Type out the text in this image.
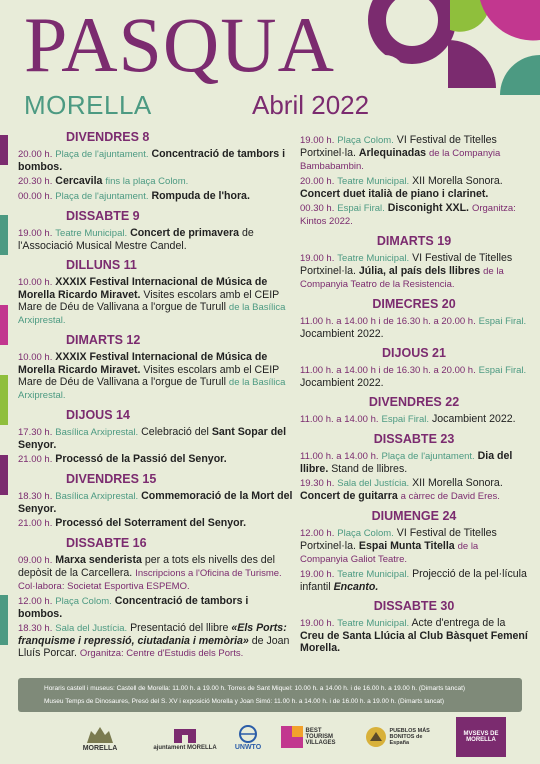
PASQUA
MORELLA	Abril 2022
DIVENDRES 8
20.00 h. Plaça de l'ajuntament. Concentració de tambors i bombos.
20.30 h. Cercavila fins la plaça Colom.
00.00 h. Plaça de l'ajuntament. Rompuda de l'hora.
DISSABTE 9
19.00 h. Teatre Municipal. Concert de primavera de l'Associació Musical Mestre Candel.
DILLUNS 11
10.00 h. XXXIX Festival Internacional de Música de Morella Ricardo Miravet. Visites escolars amb el CEIP Mare de Déu de Vallivana a l'orgue de Turull de la Basílica Arxiprestal.
DIMARTS 12
10.00 h. XXXIX Festival Internacional de Música de Morella Ricardo Miravet. Visites escolars amb el CEIP Mare de Déu de Vallivana a l'orgue de Turull de la Basílica Arxiprestal.
DIJOUS 14
17.30 h. Basílica Arxiprestal. Celebració del Sant Sopar del Senyor.
21.00 h. Processó de la Passió del Senyor.
DIVENDRES 15
18.30 h. Basílica Arxiprestal. Commemoració de la Mort del Senyor.
21.00 h. Processó del Soterrament del Senyor.
DISSABTE 16
09.00 h. Marxa senderista per a tots els nivells des del depòsit de la Carcellera. Inscripcions a l'Oficina de Turisme. Col·labora: Societat Esportiva ESPEMO.
12.00 h. Plaça Colom. Concentració de tambors i bombos.
18.30 h. Sala del Justícia. Presentació del llibre «Els Ports: franquisme i repressió, ciutadania i memòria» de Joan Lluís Porcar. Organitza: Centre d'Estudis dels Ports.
19.00 h. Plaça Colom. VI Festival de Titelles Portxinel·la. Arlequinadas de la Companyia Bambabambin.
20.00 h. Teatre Municipal. XII Morella Sonora. Concert duet italià de piano i clarinet.
00.30 h. Espai Firal. Disconight XXL. Organitza: Kintos 2022.
DIMARTS 19
19.00 h. Teatre Municipal. VI Festival de Titelles Portxinel·la. Júlia, al país dels llibres de la Companyia Teatro de la Resistencia.
DIMECRES 20
11.00 h. a 14.00 h i de 16.30 h. a 20.00 h. Espai Firal. Jocambient 2022.
DIJOUS 21
11.00 h. a 14.00 h i de 16.30 h. a 20.00 h. Espai Firal. Jocambient 2022.
DIVENDRES 22
11.00 h. a 14.00 h. Espai Firal. Jocambient 2022.
DISSABTE 23
11.00 h. a 14.00 h. Plaça de l'ajuntament. Dia del llibre. Stand de llibres.
19.30 h. Sala del Justícia. XII Morella Sonora. Concert de guitarra a càrrec de David Eres.
DIUMENGE 24
12.00 h. Plaça Colom. VI Festival de Titelles Portxinel·la. Espai Munta Titella de la Companyia Galiot Teatre.
19.00 h. Teatre Municipal. Projecció de la pel·lícula infantil Encanto.
DISSABTE 30
19.00 h. Teatre Municipal. Acte d'entrega de la Creu de Santa Llúcia al Club Bàsquet Femení Morella.
Horaris castell i museus: Castell de Morella: 11.00 h. a 19.00 h. Torres de Sant Miquel: 10.00 h. a 14.00 h. i de 16.00 h. a 19.00 h. (Dimarts tancat)
Museu Temps de Dinosaures, Presó del S. XV i exposició Morella y Joan Simó: 11.00 h. a 14.00 h. i de 16.00 h. a 19.00 h. (Dimarts tancat)
MORELLA	ajuntament MORELLA	UNWTO
BEST TOURISM VILLAGES
PUEBLOS MÁS BONITOS de España
MVSEVS DE MORELLA
